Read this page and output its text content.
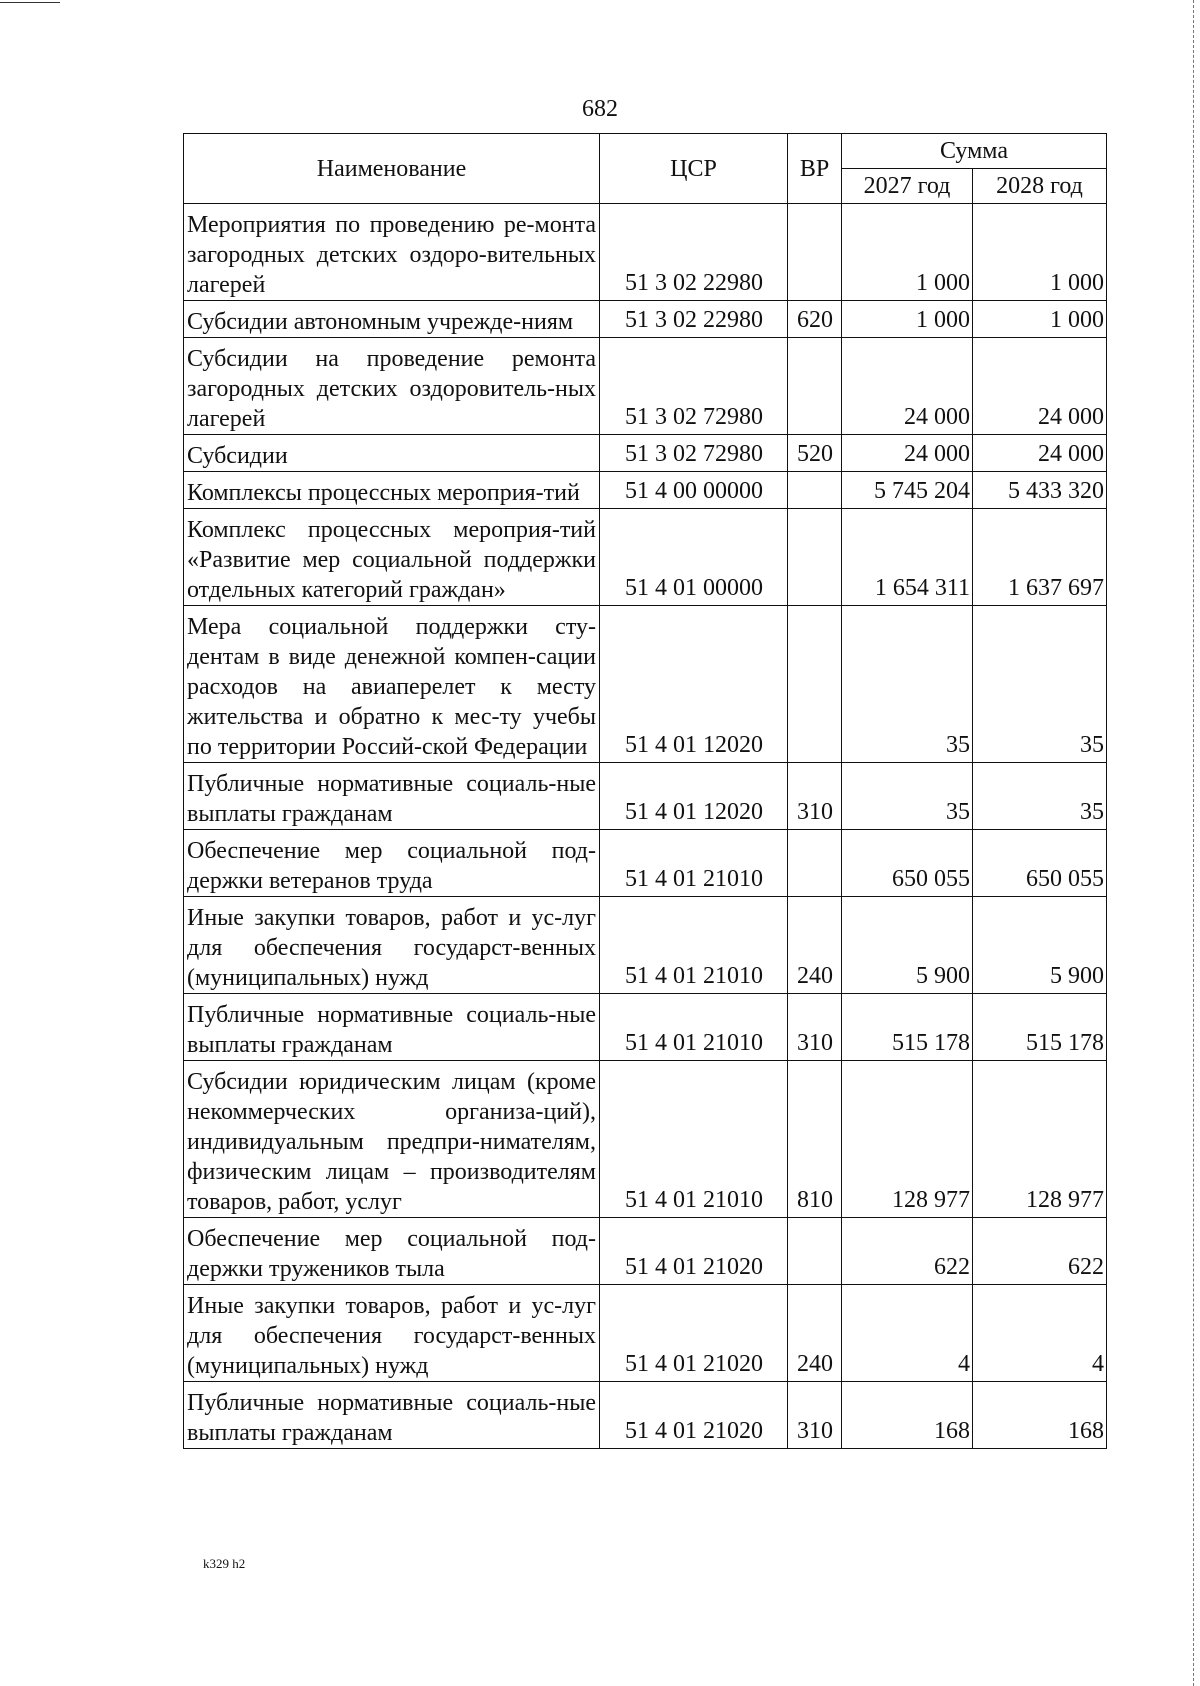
682
Наименование	ЦСР	ВР	Сумма	
			2027 год	2028 год
Мероприятия по проведению ре-монта загородных детских оздоро-вительных лагерей	51 3 02 22980		1 000	1 000
Субсидии автономным учрежде-ниям	51 3 02 22980	620	1 000	1 000
Субсидии на проведение ремонта загородных детских оздоровитель-ных лагерей	51 3 02 72980		24 000	24 000
Субсидии	51 3 02 72980	520	24 000	24 000
Комплексы процессных мероприя-тий	51 4 00 00000		5 745 204	5 433 320
Комплекс процессных мероприя-тий «Развитие мер социальной поддержки отдельных категорий граждан»	51 4 01 00000		1 654 311	1 637 697
Мера социальной поддержки сту-дентам в виде денежной компен-сации расходов на авиаперелет к месту жительства и обратно к мес-ту учебы по территории Россий-ской Федерации	51 4 01 12020		35	35
Публичные нормативные социаль-ные выплаты гражданам	51 4 01 12020	310	35	35
Обеспечение мер социальной под-держки ветеранов труда	51 4 01 21010		650 055	650 055
Иные закупки товаров, работ и ус-луг для обеспечения государст-венных (муниципальных) нужд	51 4 01 21010	240	5 900	5 900
Публичные нормативные социаль-ные выплаты гражданам	51 4 01 21010	310	515 178	515 178
Субсидии юридическим лицам (кроме некоммерческих организа-ций), индивидуальным предпри-нимателям, физическим лицам – производителям товаров, работ, услуг	51 4 01 21010	810	128 977	128 977
Обеспечение мер социальной под-держки тружеников тыла	51 4 01 21020		622	622
Иные закупки товаров, работ и ус-луг для обеспечения государст-венных (муниципальных) нужд	51 4 01 21020	240	4	4
Публичные нормативные социаль-ные выплаты гражданам	51 4 01 21020	310	168	168
k329 h2
